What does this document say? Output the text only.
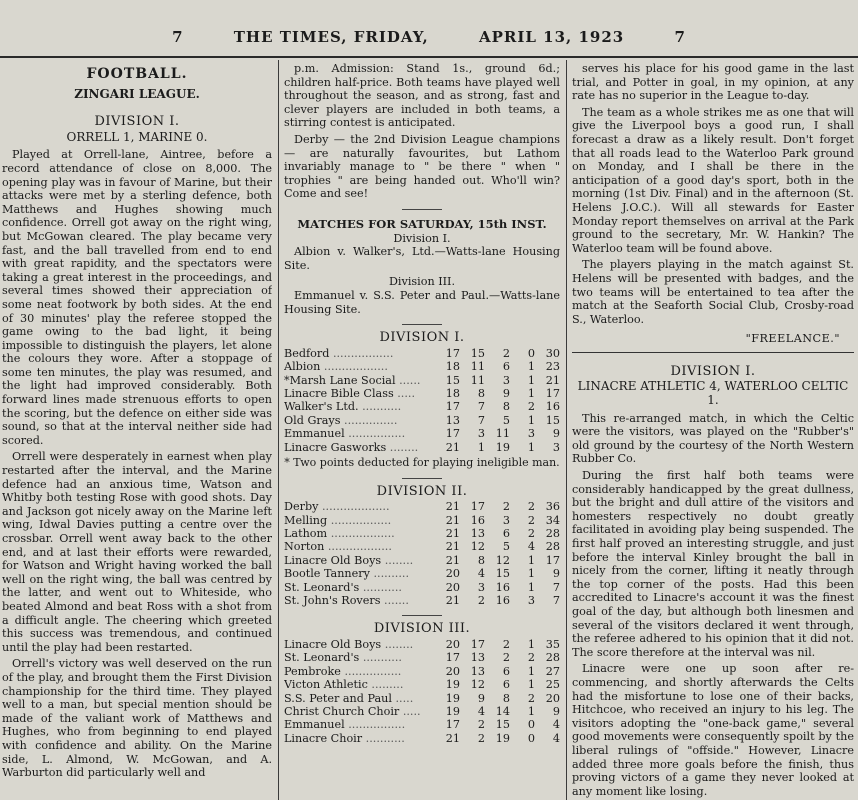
7	THE TIMES, FRIDAY,	APRIL 13, 1923	7
FOOTBALL.
ZINGARI LEAGUE.
DIVISION I.
ORRELL 1, MARINE 0.

Played at Orrell-lane, Aintree, before a record attendance of close on 8,000. The opening play was in favour of Marine, but their attacks were met by a sterling defence, both Matthews and Hughes showing much confidence. Orrell got away on the right wing, but McGowan cleared. The play became very fast, and the ball travelled from end to end with great rapidity, and the spectators were taking a great interest in the proceedings, and several times showed their appreciation of some neat footwork by both sides. At the end of 30 minutes' play the referee stopped the game owing to the bad light, it being impossible to distinguish the players, let alone the colours they wore. After a stoppage of some ten minutes, the play was resumed, and the light had improved considerably. Both forward lines made strenuous efforts to open the scoring, but the defence on either side was sound, so that at the interval neither side had scored.

Orrell were desperately in earnest when play restarted after the interval, and the Marine defence had an anxious time, Watson and Whitby both testing Rose with good shots. Day and Jackson got nicely away on the Marine left wing, Idwal Davies putting a centre over the crossbar. Orrell went away back to the other end, and at last their efforts were rewarded, for Watson and Wright having worked the ball well on the right wing, the ball was centred by the latter, and went out to Whiteside, who beated Almond and beat Ross with a shot from a difficult angle. The cheering which greeted this success was tremendous, and continued until the play had been restarted.

Orrell's victory was well deserved on the run of the play, and brought them the First Division championship for the third time. They played well to a man, but special mention should be made of the valiant work of Matthews and Hughes, who from beginning to end played with confidence and ability. On the Marine side, L. Almond, W. McGowan, and A. Warburton did particularly well and

p.m. Admission: Stand 1s., ground 6d.; children half-price. Both teams have played well throughout the season, and as strong, fast and clever players are included in both teams, a stirring contest is anticipated.

Derby — the 2nd Division League champions — are naturally favourites, but Lathom invariably manage to " be there " when " trophies " are being handed out. Who'll win? Come and see!

MATCHES FOR SATURDAY, 15th INST.
Division I.

Albion v. Walker's, Ltd.—Watts-lane Housing Site.

Division III.

Emmanuel v. S.S. Peter and Paul.—Watts-lane Housing Site.

DIVISION I.
Bedford .................	17	15	2	0	30
Albion ..................	18	11	6	1	23
*Marsh Lane Social ......	15	11	3	1	21
Linacre Bible Class .....	18	8	9	1	17
Walker's Ltd. ...........	17	7	8	2	16
Old Grays ...............	13	7	5	1	15
Emmanuel ................	17	3	11	3	9
Linacre Gasworks ........	21	1	19	1	3

* Two points deducted for playing ineligible man.

DIVISION II.
Derby ...................	21	17	2	2	36
Melling .................	21	16	3	2	34
Lathom ..................	21	13	6	2	28
Norton ..................	21	12	5	4	28
Linacre Old Boys ........	21	8	12	1	17
Bootle Tannery ..........	20	4	15	1	9
St. Leonard's ...........	20	3	16	1	7
St. John's Rovers .......	21	2	16	3	7
DIVISION III.
Linacre Old Boys ........	20	17	2	1	35
St. Leonard's ...........	17	13	2	2	28
Pembroke ................	20	13	6	1	27
Victon Athletic .........	19	12	6	1	25
S.S. Peter and Paul .....	19	9	8	2	20
Christ Church Choir .....	19	4	14	1	9
Emmanuel ................	17	2	15	0	4
Linacre Choir ...........	21	2	19	0	4

serves his place for his good game in the last trial, and Potter in goal, in my opinion, at any rate has no superior in the League to-day.

The team as a whole strikes me as one that will give the Liverpool boys a good run, I shall forecast a draw as a likely result. Don't forget that all roads lead to the Waterloo Park ground on Monday, and I shall be there in the anticipation of a good day's sport, both in the morning (1st Div. Final) and in the afternoon (St. Helens J.O.C.). Will all stewards for Easter Monday report themselves on arrival at the Park ground to the secretary, Mr. W. Hankin? The Waterloo team will be found above.

The players playing in the match against St. Helens will be presented with badges, and the two teams will be entertained to tea after the match at the Seaforth Social Club, Crosby-road S., Waterloo.

"FREELANCE."

DIVISION I.
LINACRE ATHLETIC 4, WATERLOO CELTIC 1.

This re-arranged match, in which the Celtic were the visitors, was played on the "Rubber's" old ground by the courtesy of the North Western Rubber Co.

During the first half both teams were considerably handicapped by the great dullness, but the bright and dull attire of the visitors and homesters respectively no doubt greatly facilitated in avoiding play being suspended. The first half proved an interesting struggle, and just before the interval Kinley brought the ball in nicely from the corner, lifting it neatly through the top corner of the posts. Had this been accredited to Linacre's account it was the finest goal of the day, but although both linesmen and several of the visitors declared it went through, the referee adhered to his opinion that it did not. The score therefore at the interval was nil.

Linacre were one up soon after re-commencing, and shortly afterwards the Celts had the misfortune to lose one of their backs, Hitchcoe, who received an injury to his leg. The visitors adopting the "one-back game," several good movements were consequently spoilt by the liberal rulings of "offside." However, Linacre added three more goals before the finish, thus proving victors of a game they never looked at any moment like losing.
